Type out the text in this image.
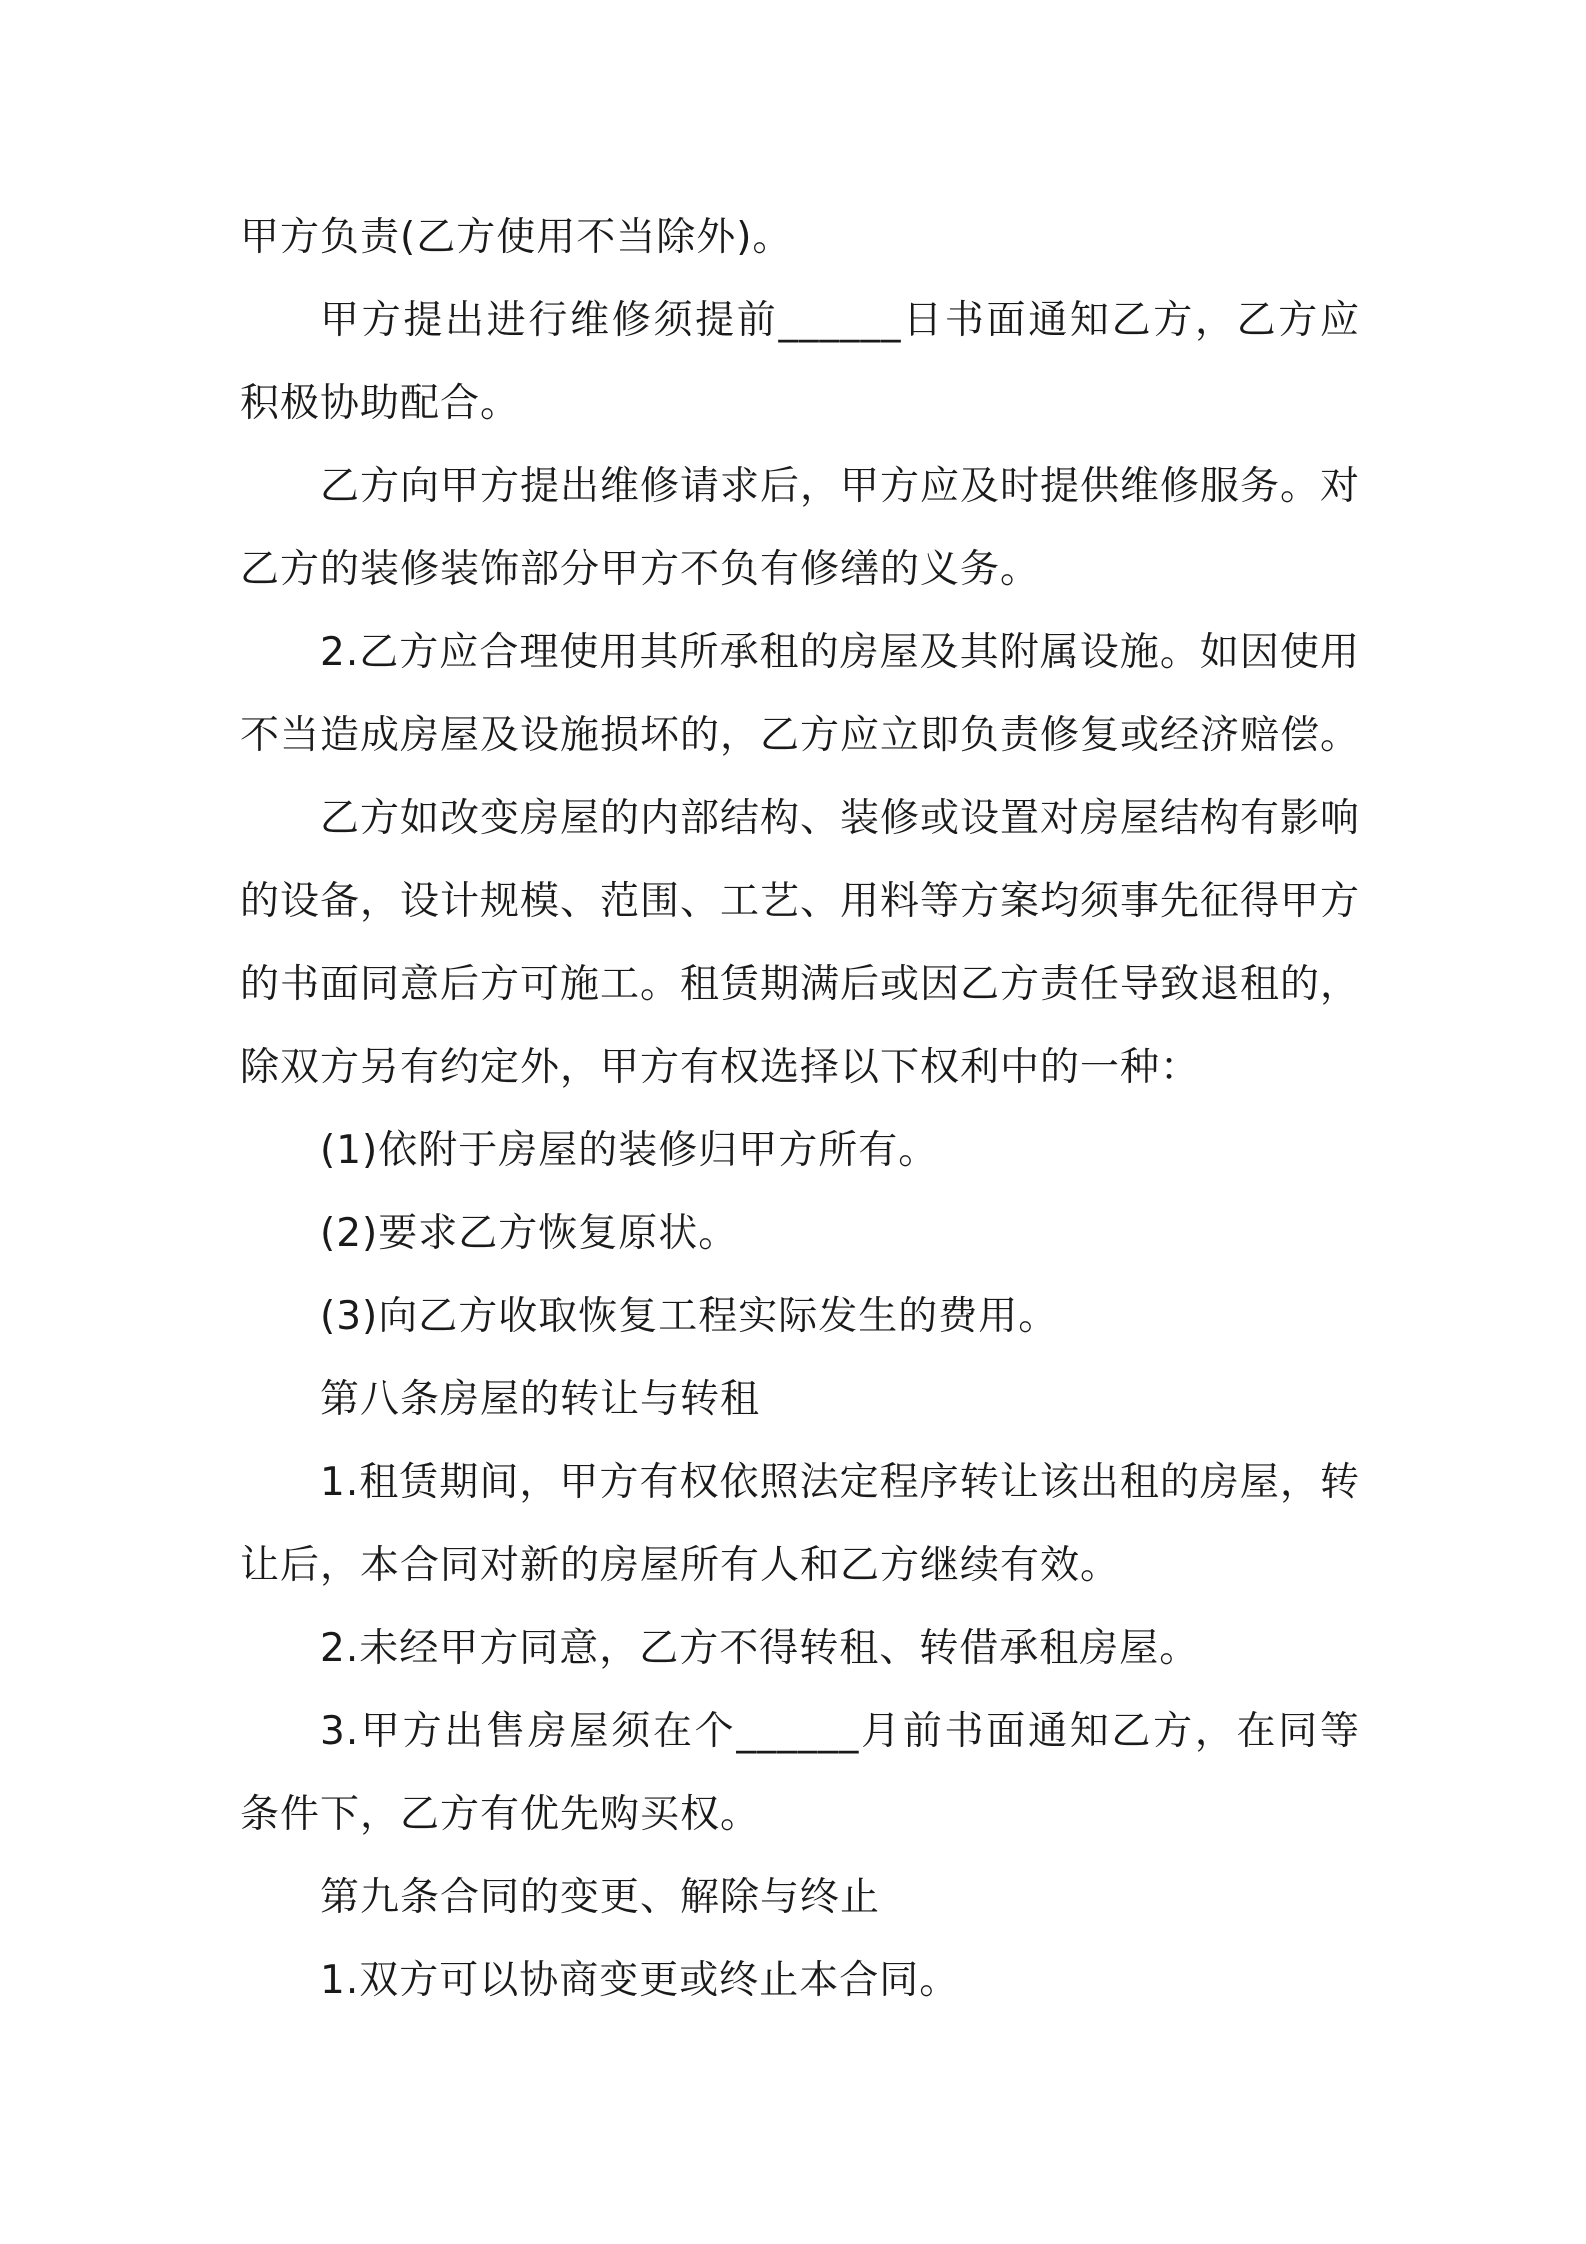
甲方负责(乙方使用不当除外)。

甲方提出进行维修须提前______日书面通知乙方，乙方应积极协助配合。

乙方向甲方提出维修请求后，甲方应及时提供维修服务。对乙方的装修装饰部分甲方不负有修缮的义务。

2.乙方应合理使用其所承租的房屋及其附属设施。如因使用不当造成房屋及设施损坏的，乙方应立即负责修复或经济赔偿。

乙方如改变房屋的内部结构、装修或设置对房屋结构有影响的设备，设计规模、范围、工艺、用料等方案均须事先征得甲方的书面同意后方可施工。租赁期满后或因乙方责任导致退租的，除双方另有约定外，甲方有权选择以下权利中的一种：

(1)依附于房屋的装修归甲方所有。

(2)要求乙方恢复原状。

(3)向乙方收取恢复工程实际发生的费用。

第八条房屋的转让与转租

1.租赁期间，甲方有权依照法定程序转让该出租的房屋，转让后，本合同对新的房屋所有人和乙方继续有效。

2.未经甲方同意，乙方不得转租、转借承租房屋。

3.甲方出售房屋须在个______月前书面通知乙方，在同等条件下，乙方有优先购买权。

第九条合同的变更、解除与终止

1.双方可以协商变更或终止本合同。
